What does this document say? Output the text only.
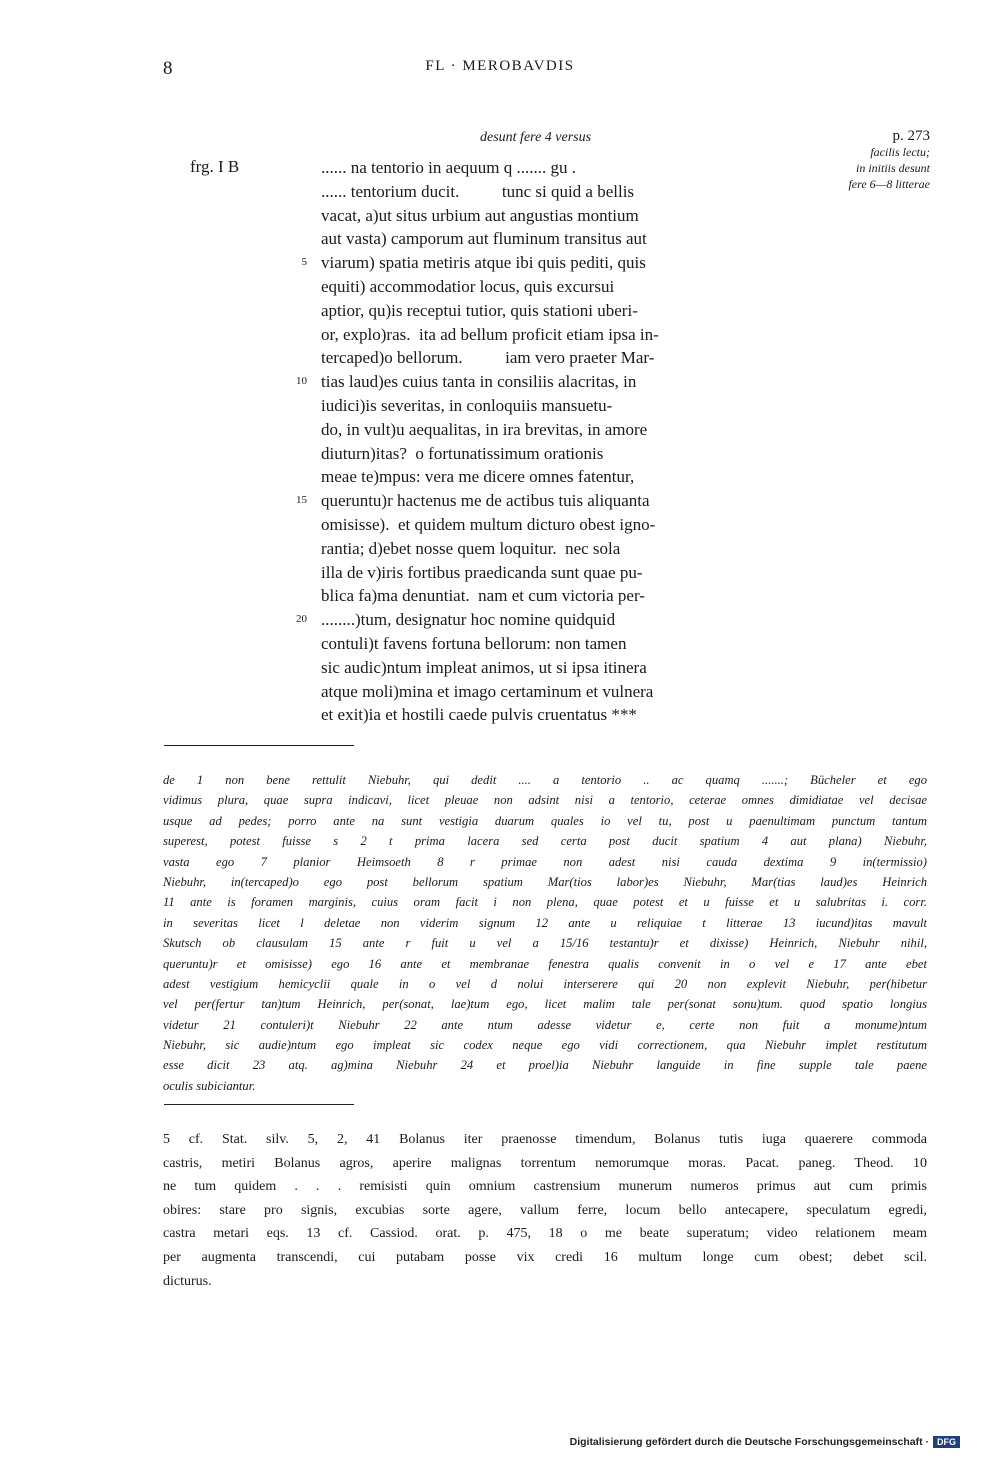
8	FL · MEROBAVDIS
desunt fere 4 versus	p. 273
facilis lectu;
in initiis desunt
fere 6—8 litterae
frg. I B	...... na tentorio in aequum q ....... gu .
...... tentorium ducit.          tunc si quid a bellis
vacat, a)ut situs urbium aut angustias montium
aut vasta) camporum aut fluminum transitus aut
5 viarum) spatia metiris atque ibi quis pediti, quis
equiti) accommodatior locus, quis excursui
aptior, qu)is receptui tutior, quis stationi uberi-
or, explo)ras.  ita ad bellum proficit etiam ipsa in-
tercaped)o bellorum.          iam vero praeter Mar-
10 tias laud)es cuius tanta in consiliis alacritas, in
iudici)is severitas, in conloquiis mansuetu-
do, in vult)u aequalitas, in ira brevitas, in amore
diuturn)itas?  o fortunatissimum orationis
meae te)mpus: vera me dicere omnes fatentur,
15 queruntu)r hactenus me de actibus tuis aliquanta
omisisse).  et quidem multum dicturo obest igno-
rantia; d)ebet nosse quem loquitur.  nec sola
illa de v)iris fortibus praedicanda sunt quae pu-
blica fa)ma denuntiat.  nam et cum victoria per-
20 ........)tum, designatur hoc nomine quidquid
contuli)t favens fortuna bellorum: non tamen
sic audic)ntum impleat animos, ut si ipsa itinera
atque moli)mina et imago certaminum et vulnera
et exit)ia et hostili caede pulvis cruentatus ***
de 1 non bene rettulit Niebuhr, qui dedit .... a tentorio .. ac quamq .......; Bücheler et ego
vidimus plura, quae supra indicavi, licet pleuae non adsint nisi a tentorio, ceterae omnes dimidiatae vel decisae
usque ad pedes; porro ante na sunt vestigia duarum quales io vel tu, post u paenultimam punctum tantum
superest, potest fuisse s 2 t prima lacera sed certa post ducit spatium 4 aut plana) Niebuhr,
vasta ego 7 planior Heimsoeth 8 r primae non adest nisi cauda dextima 9 in(termissio)
Niebuhr, in(tercaped)o ego post bellorum spatium Mar(tios labor)es Niebuhr, Mar(tias laud)es Heinrich
11 ante is foramen marginis, cuius oram facit i non plena, quae potest et u fuisse et u salubritas i. corr.
in severitas licet l deletae non viderim signum 12 ante u reliquiae t litterae 13 iucund)itas mavult
Skutsch ob clausulam 15 ante r fuit u vel a 15/16 testantu)r et dixisse) Heinrich, Niebuhr nihil,
queruntu)r et omisisse) ego 16 ante et membranae fenestra qualis convenit in o vel e 17 ante ebet
adest vestigium hemicyclii quale in o vel d nolui interserere qui 20 non explevit Niebuhr, per(hibetur
vel per(fertur tan)tum Heinrich, per(sonat, lae)tum ego, licet malim tale per(sonat sonu)tum. quod spatio longius
videtur 21 contuleri)t Niebuhr 22 ante ntum adesse videtur e, certe non fuit a monume)ntum
Niebuhr, sic audie)ntum ego impleat sic codex neque ego vidi correctionem, qua Niebuhr implet restitutum
esse dicit 23 atq. ag)mina Niebuhr 24 et proel)ia Niebuhr languide in fine supple tale paene
oculis subiciantur.
5 cf. Stat. silv. 5, 2, 41 Bolanus iter praenosse timendum, Bolanus tutis iuga quaerere commoda
castris, metiri Bolanus agros, aperire malignas torrentum nemorumque moras. Pacat. paneg. Theod. 10
ne tum quidem . . . remisisti quin omnium castrensium munerum numeros primus aut cum primis
obires: stare pro signis, excubias sorte agere, vallum ferre, locum bello antecapere, speculatum egredi,
castra metari eqs. 13 cf. Cassiod. orat. p. 475, 18 o me beate superatum; video relationem meam
per augmenta transcendi, cui putabam posse vix credi 16 multum longe cum obest; debet scil.
dicturus.
Digitalisierung gefördert durch die Deutsche Forschungsgemeinschaft · DFG
